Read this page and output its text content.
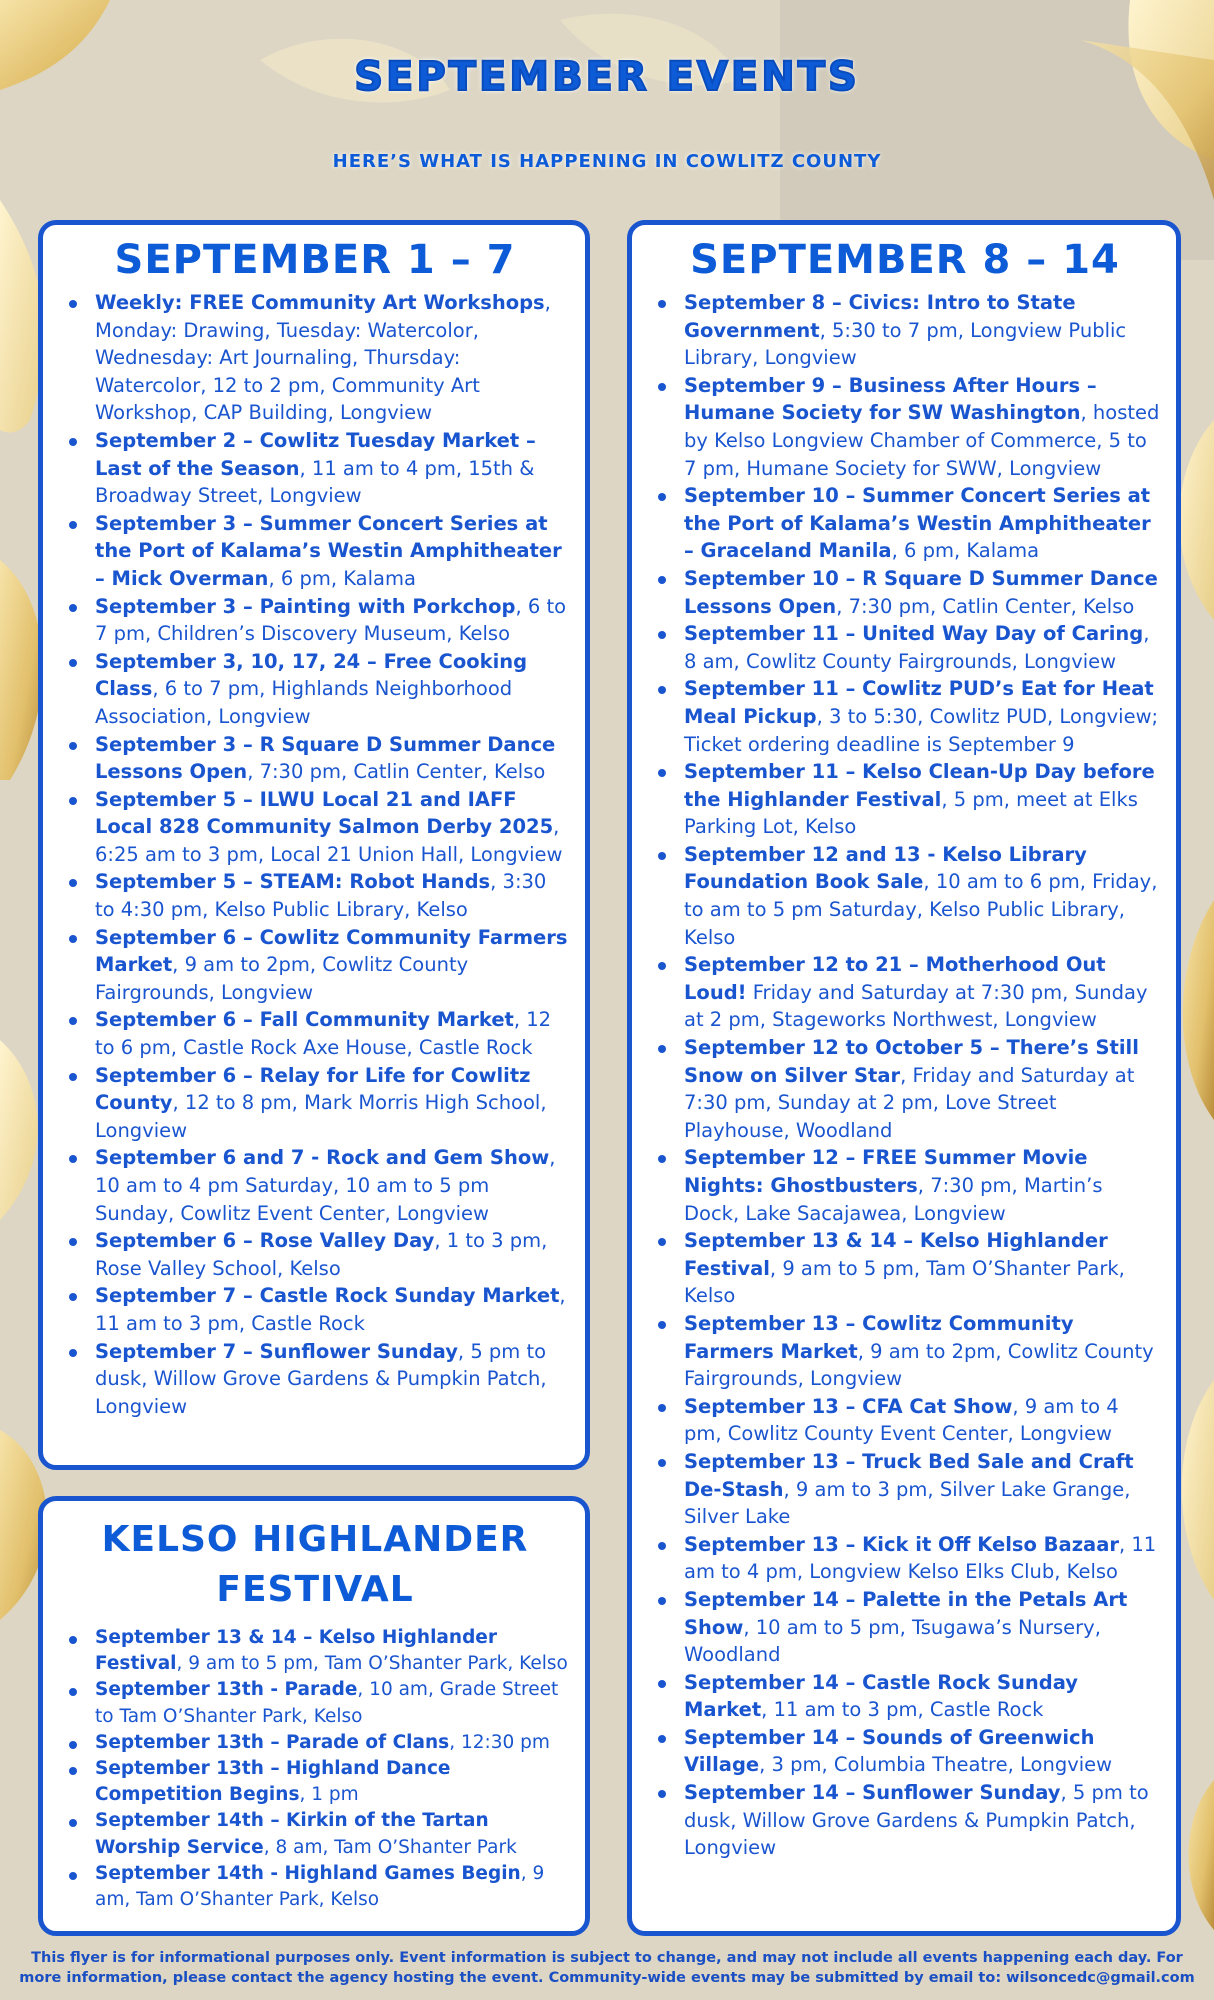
SEPTEMBER EVENTS
HERE’S WHAT IS HAPPENING IN COWLITZ COUNTY
SEPTEMBER 1 – 7
Weekly: FREE Community Art Workshops, Monday: Drawing, Tuesday: Watercolor, Wednesday: Art Journaling, Thursday: Watercolor, 12 to 2 pm, Community Art Workshop, CAP Building, Longview
September 2 – Cowlitz Tuesday Market – Last of the Season, 11 am to 4 pm, 15th & Broadway Street, Longview
September 3 – Summer Concert Series at the Port of Kalama’s Westin Amphitheater – Mick Overman, 6 pm, Kalama
September 3 – Painting with Porkchop, 6 to 7 pm, Children’s Discovery Museum, Kelso
September 3, 10, 17, 24 – Free Cooking Class, 6 to 7 pm, Highlands Neighborhood Association, Longview
September 3 – R Square D Summer Dance Lessons Open, 7:30 pm, Catlin Center, Kelso
September 5 – ILWU Local 21 and IAFF Local 828 Community Salmon Derby 2025, 6:25 am to 3 pm, Local 21 Union Hall, Longview
September 5 – STEAM: Robot Hands, 3:30 to 4:30 pm, Kelso Public Library, Kelso
September 6 – Cowlitz Community Farmers Market, 9 am to 2pm, Cowlitz County Fairgrounds, Longview
September 6 – Fall Community Market, 12 to 6 pm, Castle Rock Axe House, Castle Rock
September 6 – Relay for Life for Cowlitz County, 12 to 8 pm, Mark Morris High School, Longview
September 6 and 7 - Rock and Gem Show, 10 am to 4 pm Saturday, 10 am to 5 pm Sunday, Cowlitz Event Center, Longview
September 6 – Rose Valley Day, 1 to 3 pm, Rose Valley School, Kelso
September 7 – Castle Rock Sunday Market, 11 am to 3 pm, Castle Rock
September 7 – Sunflower Sunday, 5 pm to dusk, Willow Grove Gardens & Pumpkin Patch, Longview
KELSO HIGHLANDER FESTIVAL
September 13 & 14 – Kelso Highlander Festival, 9 am to 5 pm, Tam O’Shanter Park, Kelso
September 13th - Parade, 10 am, Grade Street to Tam O’Shanter Park, Kelso
September 13th – Parade of Clans, 12:30 pm
September 13th – Highland Dance Competition Begins, 1 pm
September 14th – Kirkin of the Tartan Worship Service, 8 am, Tam O’Shanter Park
September 14th - Highland Games Begin, 9 am, Tam O’Shanter Park, Kelso
SEPTEMBER 8 – 14
September 8 – Civics: Intro to State Government, 5:30 to 7 pm, Longview Public Library, Longview
September 9 – Business After Hours – Humane Society for SW Washington, hosted by Kelso Longview Chamber of Commerce, 5 to 7 pm, Humane Society for SWW, Longview
September 10 – Summer Concert Series at the Port of Kalama’s Westin Amphitheater – Graceland Manila, 6 pm, Kalama
September 10 – R Square D Summer Dance Lessons Open, 7:30 pm, Catlin Center, Kelso
September 11 – United Way Day of Caring, 8 am, Cowlitz County Fairgrounds, Longview
September 11 – Cowlitz PUD’s Eat for Heat Meal Pickup, 3 to 5:30, Cowlitz PUD, Longview; Ticket ordering deadline is September 9
September 11 – Kelso Clean-Up Day before the Highlander Festival, 5 pm, meet at Elks Parking Lot, Kelso
September 12 and 13 - Kelso Library Foundation Book Sale, 10 am to 6 pm, Friday, to am to 5 pm Saturday, Kelso Public Library, Kelso
September 12 to 21 – Motherhood Out Loud! Friday and Saturday at 7:30 pm, Sunday at 2 pm, Stageworks Northwest, Longview
September 12 to October 5 – There’s Still Snow on Silver Star, Friday and Saturday at 7:30 pm, Sunday at 2 pm, Love Street Playhouse, Woodland
September 12 – FREE Summer Movie Nights: Ghostbusters, 7:30 pm, Martin’s Dock, Lake Sacajawea, Longview
September 13 & 14 – Kelso Highlander Festival, 9 am to 5 pm, Tam O’Shanter Park, Kelso
September 13 – Cowlitz Community Farmers Market, 9 am to 2pm, Cowlitz County Fairgrounds, Longview
September 13 – CFA Cat Show, 9 am to 4 pm, Cowlitz County Event Center, Longview
September 13 – Truck Bed Sale and Craft De-Stash, 9 am to 3 pm, Silver Lake Grange, Silver Lake
September 13 – Kick it Off Kelso Bazaar, 11 am to 4 pm, Longview Kelso Elks Club, Kelso
September 14 – Palette in the Petals Art Show, 10 am to 5 pm, Tsugawa’s Nursery, Woodland
September 14 – Castle Rock Sunday Market, 11 am to 3 pm, Castle Rock
September 14 – Sounds of Greenwich Village, 3 pm, Columbia Theatre, Longview
September 14 – Sunflower Sunday, 5 pm to dusk, Willow Grove Gardens & Pumpkin Patch, Longview
This flyer is for informational purposes only. Event information is subject to change, and may not include all events happening each day. For more information, please contact the agency hosting the event. Community-wide events may be submitted by email to: wilsoncedc@gmail.com
